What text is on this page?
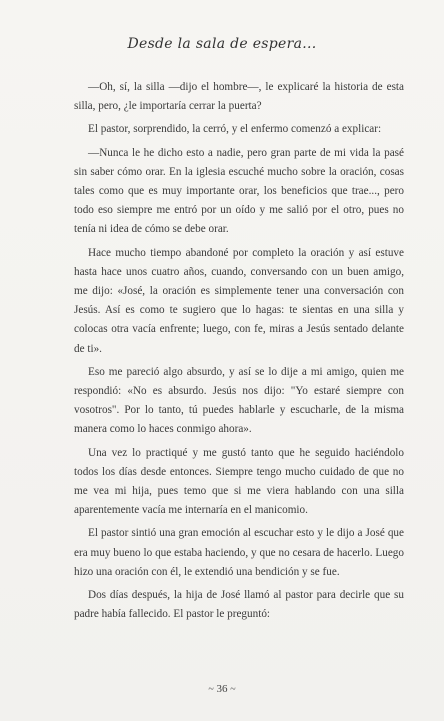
Desde la sala de espera...

—Oh, sí, la silla —dijo el hombre—, le explicaré la historia de esta silla, pero, ¿le importaría cerrar la puerta?

El pastor, sorprendido, la cerró, y el enfermo comenzó a explicar:

—Nunca le he dicho esto a nadie, pero gran parte de mi vida la pasé sin saber cómo orar. En la iglesia escuché mucho sobre la oración, cosas tales como que es muy importante orar, los beneficios que trae..., pero todo eso siempre me entró por un oído y me salió por el otro, pues no tenía ni idea de cómo se debe orar.

Hace mucho tiempo abandoné por completo la oración y así estuve hasta hace unos cuatro años, cuando, conversando con un buen amigo, me dijo: «José, la oración es simplemente tener una conversación con Jesús. Así es como te sugiero que lo hagas: te sientas en una silla y colocas otra vacía enfrente; luego, con fe, miras a Jesús sentado delante de ti».

Eso me pareció algo absurdo, y así se lo dije a mi amigo, quien me respondió: «No es absurdo. Jesús nos dijo: "Yo estaré siempre con vosotros". Por lo tanto, tú puedes hablarle y escucharle, de la misma manera como lo haces conmigo ahora».

Una vez lo practiqué y me gustó tanto que he seguido haciéndolo todos los días desde entonces. Siempre tengo mucho cuidado de que no me vea mi hija, pues temo que si me viera hablando con una silla aparentemente vacía me internaría en el manicomio.

El pastor sintió una gran emoción al escuchar esto y le dijo a José que era muy bueno lo que estaba haciendo, y que no cesara de hacerlo. Luego hizo una oración con él, le extendió una bendición y se fue.

Dos días después, la hija de José llamó al pastor para decirle que su padre había fallecido. El pastor le preguntó:

~ 36 ~
